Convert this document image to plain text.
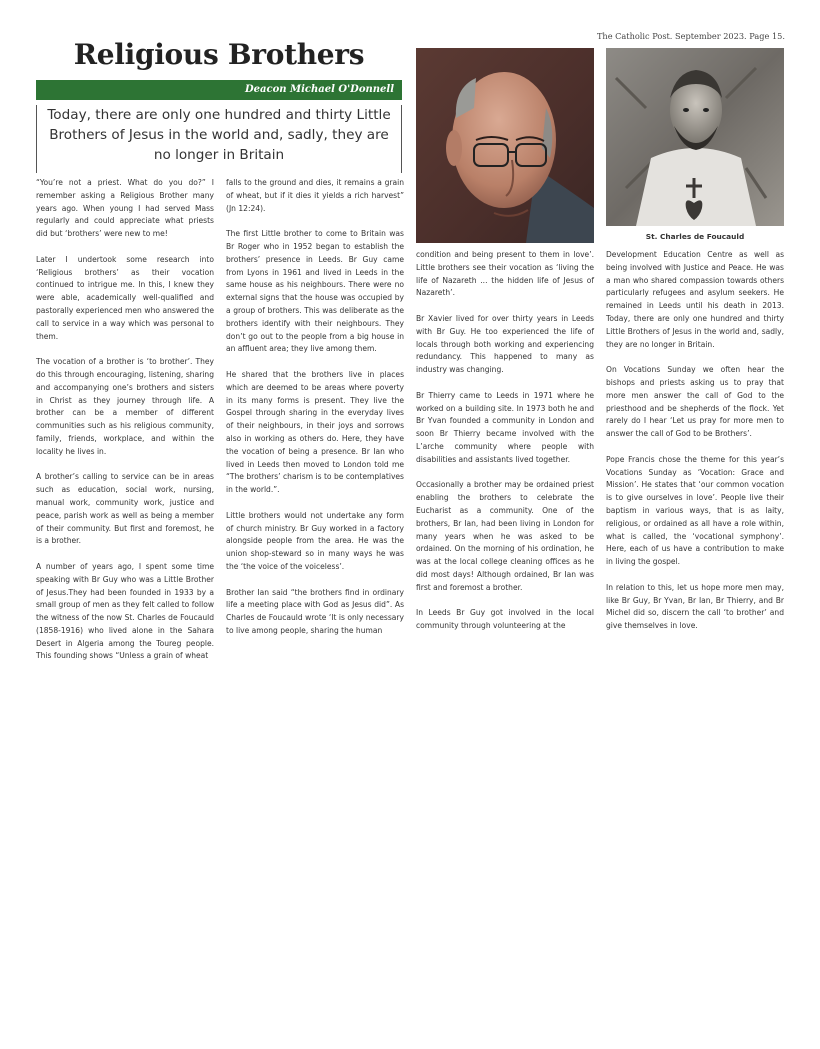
The Catholic Post. September 2023. Page 15.
Religious Brothers
Deacon Michael O'Donnell
Today, there are only one hundred and thirty Little Brothers of Jesus in the world and, sadly, they are no longer in Britain

“You’re not a priest. What do you do?” I remember asking a Religious Brother many years ago. When young I had served Mass regularly and could appreciate what priests did but ‘brothers’ were new to me!

Later I undertook some research into ‘Religious brothers’ as their vocation continued to intrigue me. In this, I knew they were able, academically well-qualified and pastorally experienced men who answered the call to service in a way which was personal to them.

The vocation of a brother is ‘to brother’. They do this through encouraging, listening, sharing and accompanying one’s brothers and sisters in Christ as they journey through life. A brother can be a member of different communities such as his religious community, family, friends, workplace, and within the locality he lives in.

A brother’s calling to service can be in areas such as education, social work, nursing, manual work, community work, justice and peace, parish work as well as being a member of their community. But first and foremost, he is a brother.

A number of years ago, I spent some time speaking with Br Guy who was a Little Brother of Jesus.They had been founded in 1933 by a small group of men as they felt called to follow the witness of the now St. Charles de Foucauld (1858-1916) who lived alone in the Sahara Desert in Algeria among the Toureg people. This founding shows “Unless a grain of wheat

falls to the ground and dies, it remains a grain of wheat, but if it dies it yields a rich harvest” (Jn 12:24).

The first Little brother to come to Britain was Br Roger who in 1952 began to establish the brothers’ presence in Leeds. Br Guy came from Lyons in 1961 and lived in Leeds in the same house as his neighbours. There were no external signs that the house was occupied by a group of brothers. This was deliberate as the brothers identify with their neighbours. They don’t go out to the people from a big house in an affluent area; they live among them.

He shared that the brothers live in places which are deemed to be areas where poverty in its many forms is present. They live the Gospel through sharing in the everyday lives of their neighbours, in their joys and sorrows also in working as others do. Here, they have the vocation of being a presence. Br Ian who lived in Leeds then moved to London told me “The brothers’ charism is to be contemplatives in the world.”.

Little brothers would not undertake any form of church ministry. Br Guy worked in a factory alongside people from the area. He was the union shop-steward so in many ways he was the ‘the voice of the voiceless’.

Brother Ian said “the brothers find in ordinary life a meeting place with God as Jesus did”. As Charles de Foucauld wrote ‘It is only necessary to live among people, sharing the human

St. Charles de Foucauld

condition and being present to them in love’. Little brothers see their vocation as ‘living the life of Nazareth ... the hidden life of Jesus of Nazareth’.

Br Xavier lived for over thirty years in Leeds with Br Guy. He too experienced the life of locals through both working and experiencing redundancy. This happened to many as industry was changing.

Br Thierry came to Leeds in 1971 where he worked on a building site. In 1973 both he and Br Yvan founded a community in London and soon Br Thierry became involved with the L’arche community where people with disabilities and assistants lived together.

Occasionally a brother may be ordained priest enabling the brothers to celebrate the Eucharist as a community. One of the brothers, Br Ian, had been living in London for many years when he was asked to be ordained. On the morning of his ordination, he was at the local college cleaning offices as he did most days! Although ordained, Br Ian was first and foremost a brother.

In Leeds Br Guy got involved in the local community through volunteering at the

Development Education Centre as well as being involved with Justice and Peace. He was a man who shared compassion towards others particularly refugees and asylum seekers. He remained in Leeds until his death in 2013. Today, there are only one hundred and thirty Little Brothers of Jesus in the world and, sadly, they are no longer in Britain.

On Vocations Sunday we often hear the bishops and priests asking us to pray that more men answer the call of God to the priesthood and be shepherds of the flock. Yet rarely do I hear ‘Let us pray for more men to answer the call of God to be Brothers’.

Pope Francis chose the theme for this year’s Vocations Sunday as ‘Vocation: Grace and Mission’. He states that ‘our common vocation is to give ourselves in love’. People live their baptism in various ways, that is as laity, religious, or ordained as all have a role within, what is called, the ‘vocational symphony’. Here, each of us have a contribution to make in living the gospel.

In relation to this, let us hope more men may, like Br Guy, Br Yvan, Br Ian, Br Thierry, and Br Michel did so, discern the call ‘to brother’ and give themselves in love.
